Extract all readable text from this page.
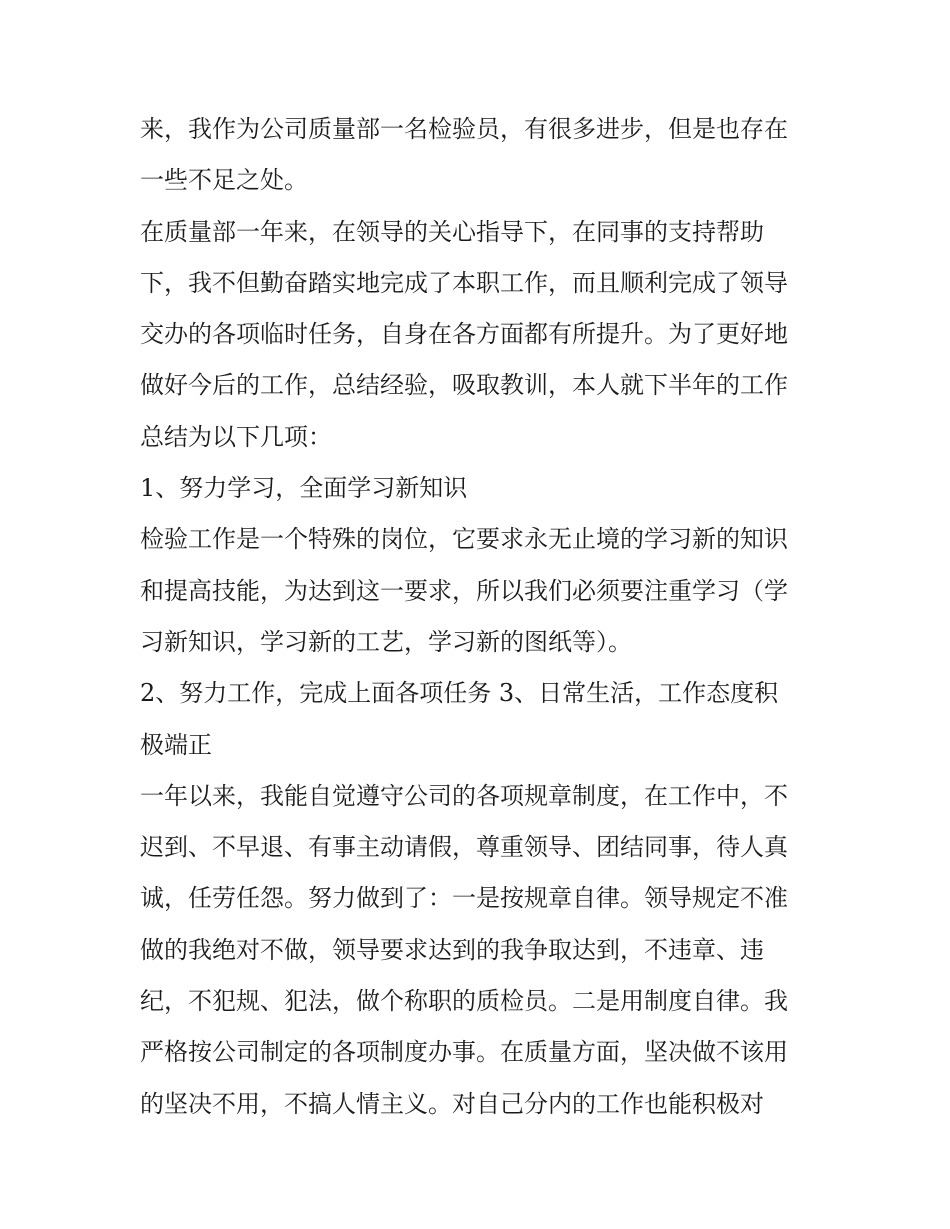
来，我作为公司质量部一名检验员，有很多进步，但是也存在
一些不足之处。
在质量部一年来，在领导的关心指导下，在同事的支持帮助
下，我不但勤奋踏实地完成了本职工作，而且顺利完成了领导
交办的各项临时任务，自身在各方面都有所提升。为了更好地
做好今后的工作，总结经验，吸取教训，本人就下半年的工作
总结为以下几项：
1、努力学习，全面学习新知识
检验工作是一个特殊的岗位，它要求永无止境的学习新的知识
和提高技能，为达到这一要求，所以我们必须要注重学习（学
习新知识，学习新的工艺，学习新的图纸等）。
2、努力工作，完成上面各项任务 3、日常生活，工作态度积
极端正
一年以来，我能自觉遵守公司的各项规章制度，在工作中，不
迟到、不早退、有事主动请假，尊重领导、团结同事，待人真
诚，任劳任怨。努力做到了：一是按规章自律。领导规定不准
做的我绝对不做，领导要求达到的我争取达到，不违章、违
纪，不犯规、犯法，做个称职的质检员。二是用制度自律。我
严格按公司制定的各项制度办事。在质量方面，坚决做不该用
的坚决不用，不搞人情主义。对自己分内的工作也能积极对
